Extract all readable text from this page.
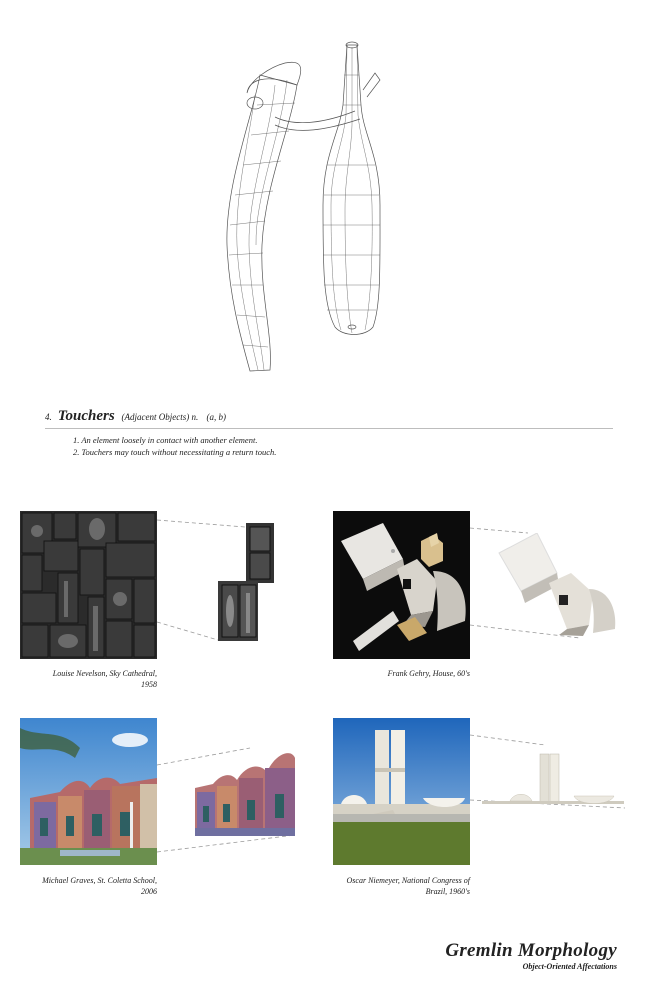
4. Touchers (Adjacent Objects) n. (a, b)
1. An element loosely in contact with another element.
2. Touchers may touch without necessitating a return touch.
Louise Nevelson, Sky Cathedral,
1958
Frank Gehry, House, 60's
Michael Graves, St. Coletta School,
2006
Oscar Niemeyer, National Congress of
Brazil, 1960's
Gremlin Morphology
Object-Oriented Affectations
